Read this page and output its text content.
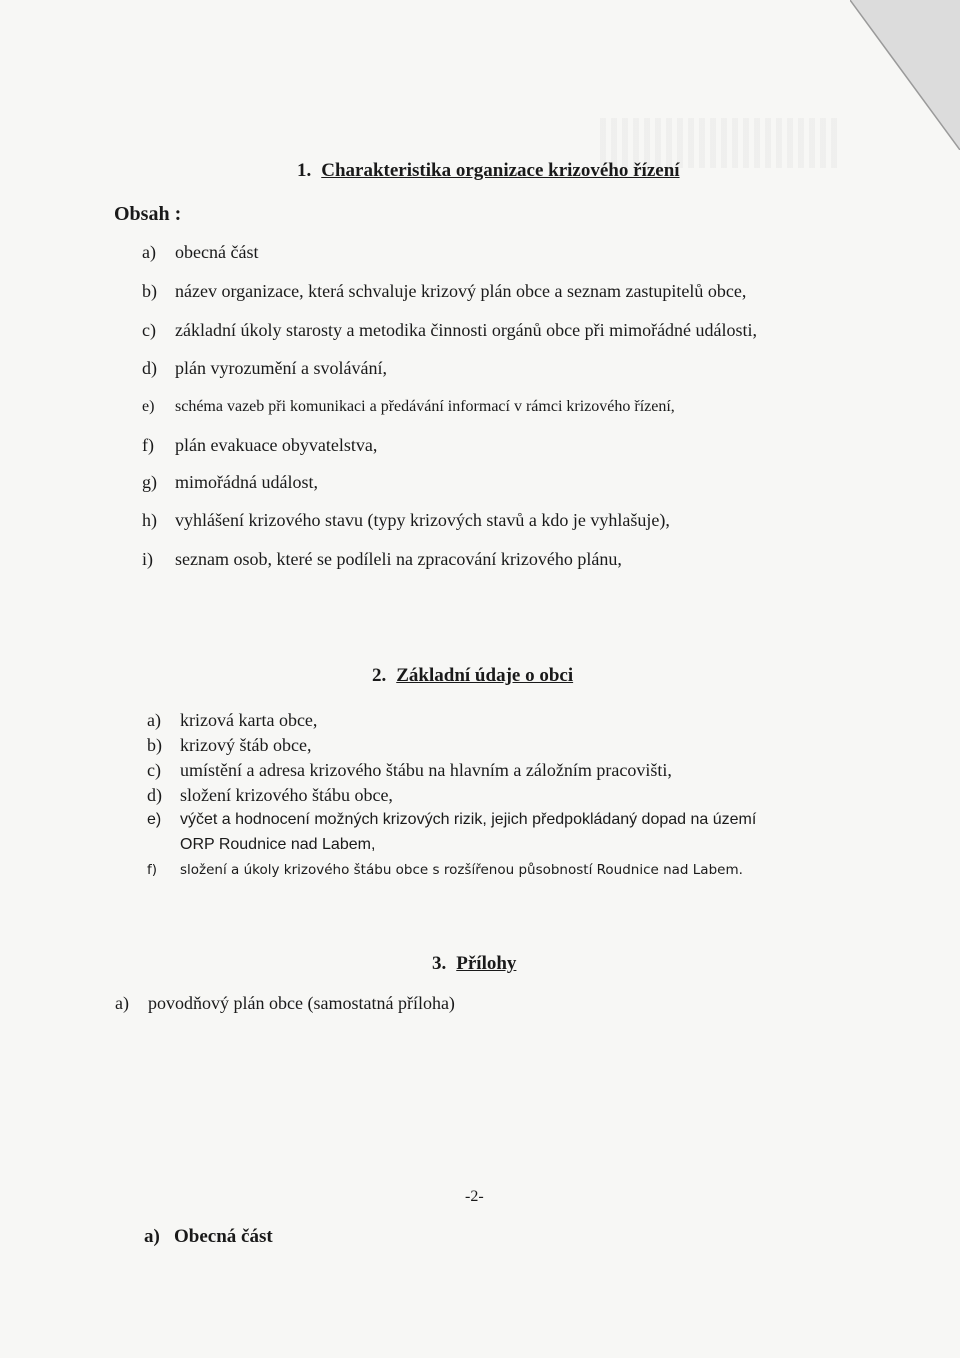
1. Charakteristika organizace krizového řízení
Obsah :
a) obecná část
b) název organizace, která schvaluje krizový plán obce a seznam zastupitelů obce,
c) základní úkoly starosty a metodika činnosti orgánů obce při mimořádné události,
d) plán vyrozumění a svolávání,
e) schéma vazeb při komunikaci a předávání informací v rámci krizového řízení,
f) plán evakuace obyvatelstva,
g) mimořádná událost,
h) vyhlášení krizového stavu (typy krizových stavů a kdo je vyhlašuje),
i) seznam osob, které se podíleli na zpracování krizového plánu,
2. Základní údaje o obci
a) krizová karta obce,
b) krizový štáb obce,
c) umístění a adresa krizového štábu na hlavním a záložním pracovišti,
d) složení krizového štábu obce,
e) výčet a hodnocení možných krizových rizik, jejich předpokládaný dopad na území
ORP Roudnice nad Labem,
f) složení a úkoly krizového štábu obce s rozšířenou působností Roudnice nad Labem.
3. Přílohy
a) povodňový plán obce (samostatná příloha)
-2-
a) Obecná část
